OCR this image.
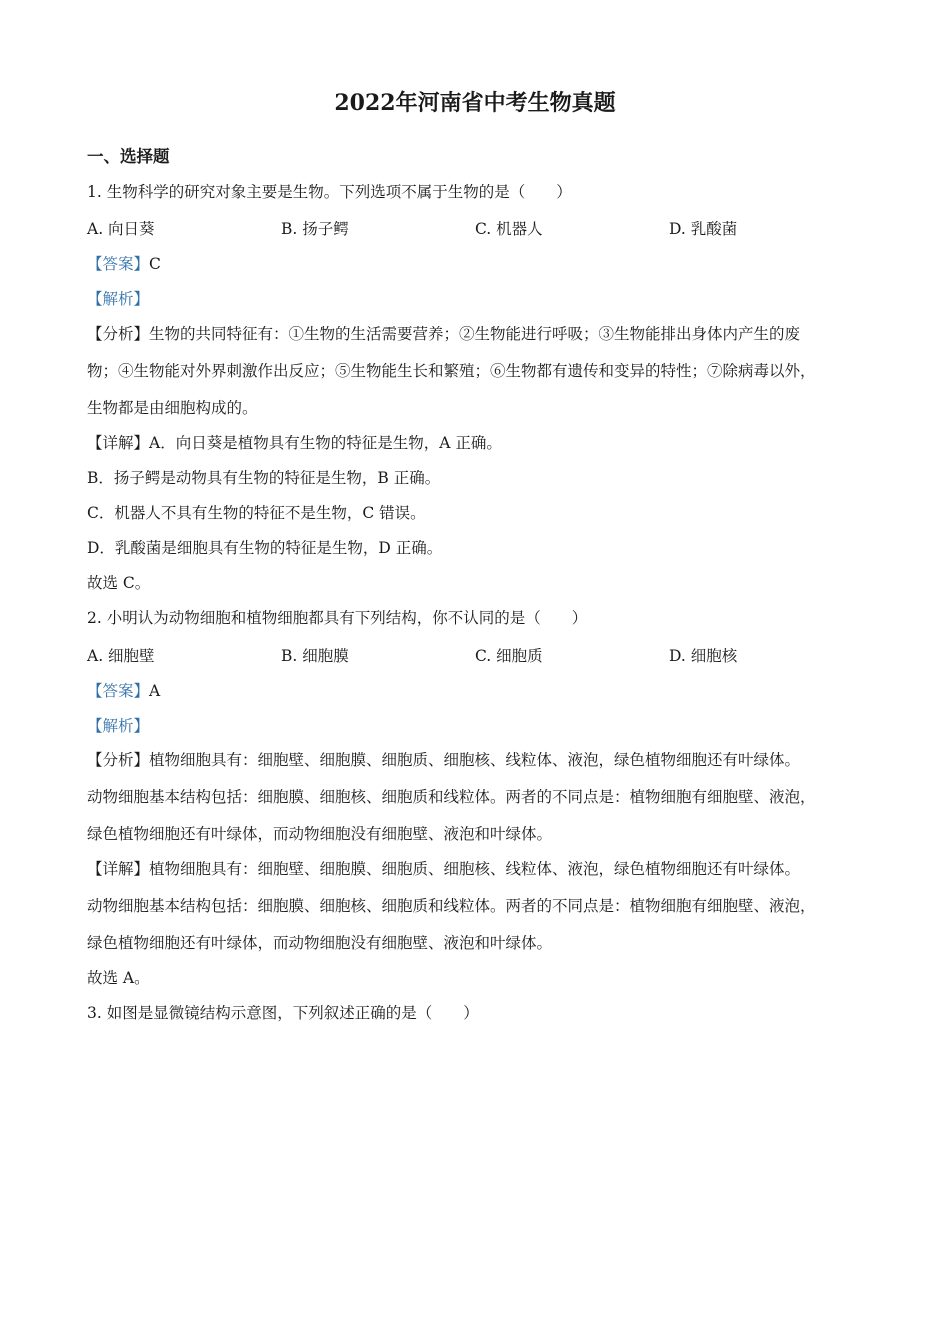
2022年河南省中考生物真题
一、选择题
1. 生物科学的研究对象主要是生物。下列选项不属于生物的是（　　）
A. 向日葵	B. 扬子鳄	C. 机器人	D. 乳酸菌
【答案】C
【解析】
【分析】生物的共同特征有：①生物的生活需要营养；②生物能进行呼吸；③生物能排出身体内产生的废
物；④生物能对外界刺激作出反应；⑤生物能生长和繁殖；⑥生物都有遗传和变异的特性；⑦除病毒以外，
生物都是由细胞构成的。
【详解】A．向日葵是植物具有生物的特征是生物，A 正确。
B．扬子鳄是动物具有生物的特征是生物，B 正确。
C．机器人不具有生物的特征不是生物，C 错误。
D．乳酸菌是细胞具有生物的特征是生物，D 正确。
故选 C。
2. 小明认为动物细胞和植物细胞都具有下列结构，你不认同的是（　　）
A. 细胞壁	B. 细胞膜	C. 细胞质	D. 细胞核
【答案】A
【解析】
【分析】植物细胞具有：细胞壁、细胞膜、细胞质、细胞核、线粒体、液泡，绿色植物细胞还有叶绿体。
动物细胞基本结构包括：细胞膜、细胞核、细胞质和线粒体。两者的不同点是：植物细胞有细胞壁、液泡，
绿色植物细胞还有叶绿体，而动物细胞没有细胞壁、液泡和叶绿体。
【详解】植物细胞具有：细胞壁、细胞膜、细胞质、细胞核、线粒体、液泡，绿色植物细胞还有叶绿体。
动物细胞基本结构包括：细胞膜、细胞核、细胞质和线粒体。两者的不同点是：植物细胞有细胞壁、液泡，
绿色植物细胞还有叶绿体，而动物细胞没有细胞壁、液泡和叶绿体。
故选 A。
3. 如图是显微镜结构示意图，下列叙述正确的是（　　）
